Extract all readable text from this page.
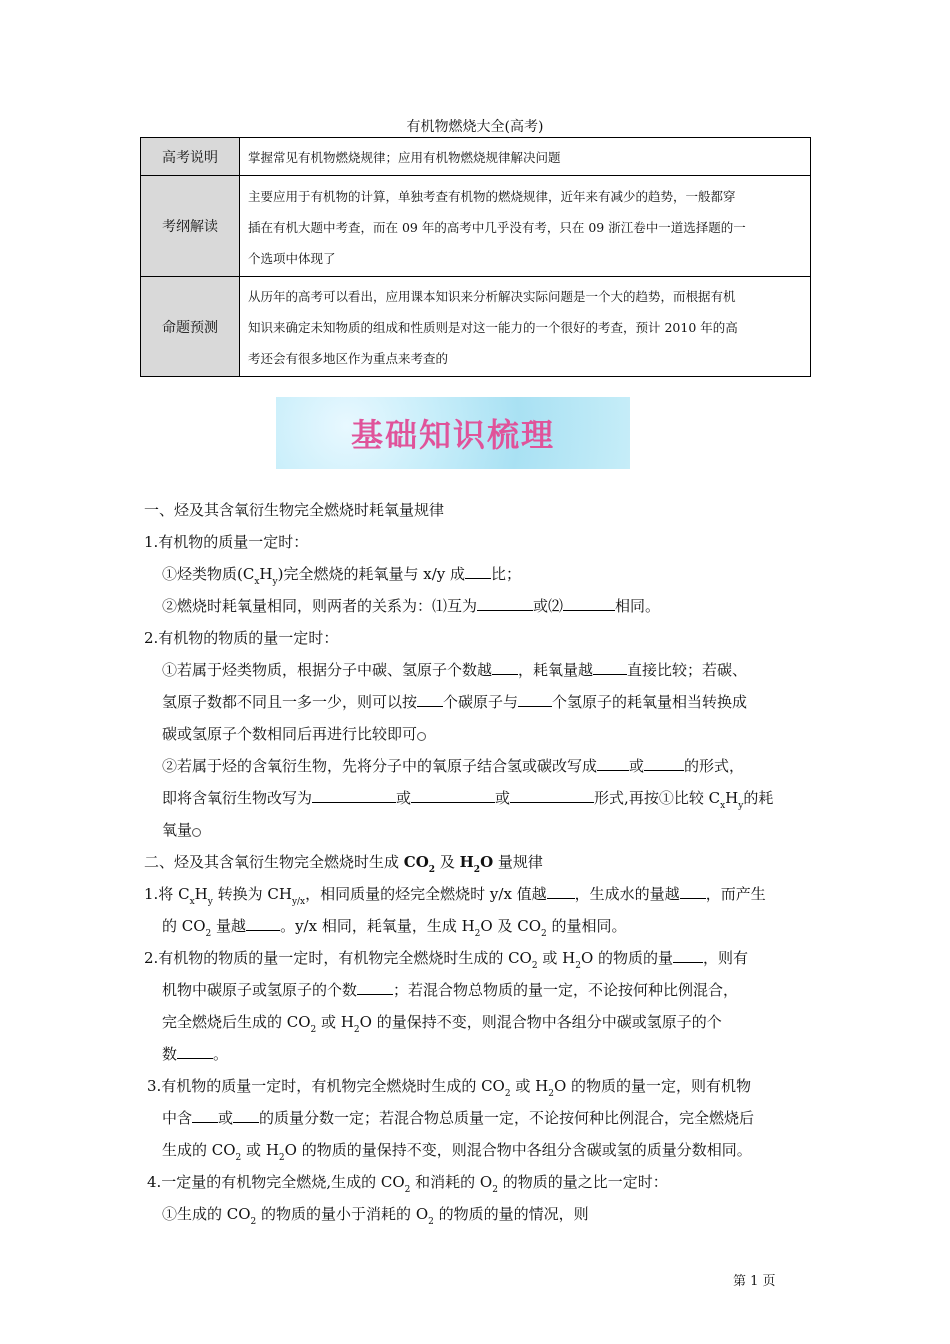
有机物燃烧大全(高考)
高考说明	掌握常见有机物燃烧规律；应用有机物燃烧规律解决问题

考纲解读	主要应用于有机物的计算，单独考查有机物的燃烧规律，近年来有减少的趋势，一般都穿
插在有机大题中考查，而在 09 年的高考中几乎没有考，只在 09 浙江卷中一道选择题的一
个选项中体现了

命题预测	从历年的高考可以看出，应用课本知识来分析解决实际问题是一个大的趋势，而根据有机
知识来确定未知物质的组成和性质则是对这一能力的一个很好的考查，预计 2010 年的高
考还会有很多地区作为重点来考查的
基础知识梳理
一、烃及其含氧衍生物完全燃烧时耗氧量规律
1.有机物的质量一定时：
①烃类物质$(C_xH_y)$完全燃烧的耗氧量与 x/y 成 比；
②燃烧时耗氧量相同，则两者的关系为：⑴互为	或⑵	相同。
2.有机物的物质的量一定时：
①若属于烃类物质，根据分子中碳、氢原子个数越 ，耗氧量越 直接比较；若碳、
氢原子数都不同且一多一少，则可以按 个碳原子与 个氢原子的耗氧量相当转换成
碳或氢原子个数相同后再进行比较即可
②若属于烃的含氧衍生物，先将分子中的氧原子结合氢或碳改写成 或	的形式，
即将含氧衍生物改写为	或	或	形式,再按①比较 $C_xH_y$的耗
氧量
二、烃及其含氧衍生物完全燃烧时生成 $CO_2$ 及 $H_2O$ 量规律
1.将 $C_xH_y$ 转换为 $CH_{y/x}$，相同质量的烃完全燃烧时 y/x 值越 ，生成水的量越 ，而产生
的 $CO_2$ 量越 。y/x 相同，耗氧量，生成 $H_2O$ 及 $CO_2$ 的量相同。
2.有机物的物质的量一定时，有机物完全燃烧时生成的 $CO_2$ 或 $H_2O$ 的物质的量 ，则有
机物中碳原子或氢原子的个数 ；若混合物总物质的量一定，不论按何种比例混合，
完全燃烧后生成的 $CO_2$ 或 $H_2O$ 的量保持不变，则混合物中各组分中碳或氢原子的个
数 。
3.有机物的质量一定时，有机物完全燃烧时生成的 $CO_2$ 或 $H_2O$ 的物质的量一定，则有机物
中含 或 的质量分数一定；若混合物总质量一定，不论按何种比例混合，完全燃烧后
生成的 $CO_2$ 或 $H_2O$ 的物质的量保持不变，则混合物中各组分含碳或氢的质量分数相同。
4.一定量的有机物完全燃烧,生成的 $CO_2$ 和消耗的 $O_2$ 的物质的量之比一定时：
①生成的 $CO_2$ 的物质的量小于消耗的 $O_2$ 的物质的量的情况，则
第 1 页
